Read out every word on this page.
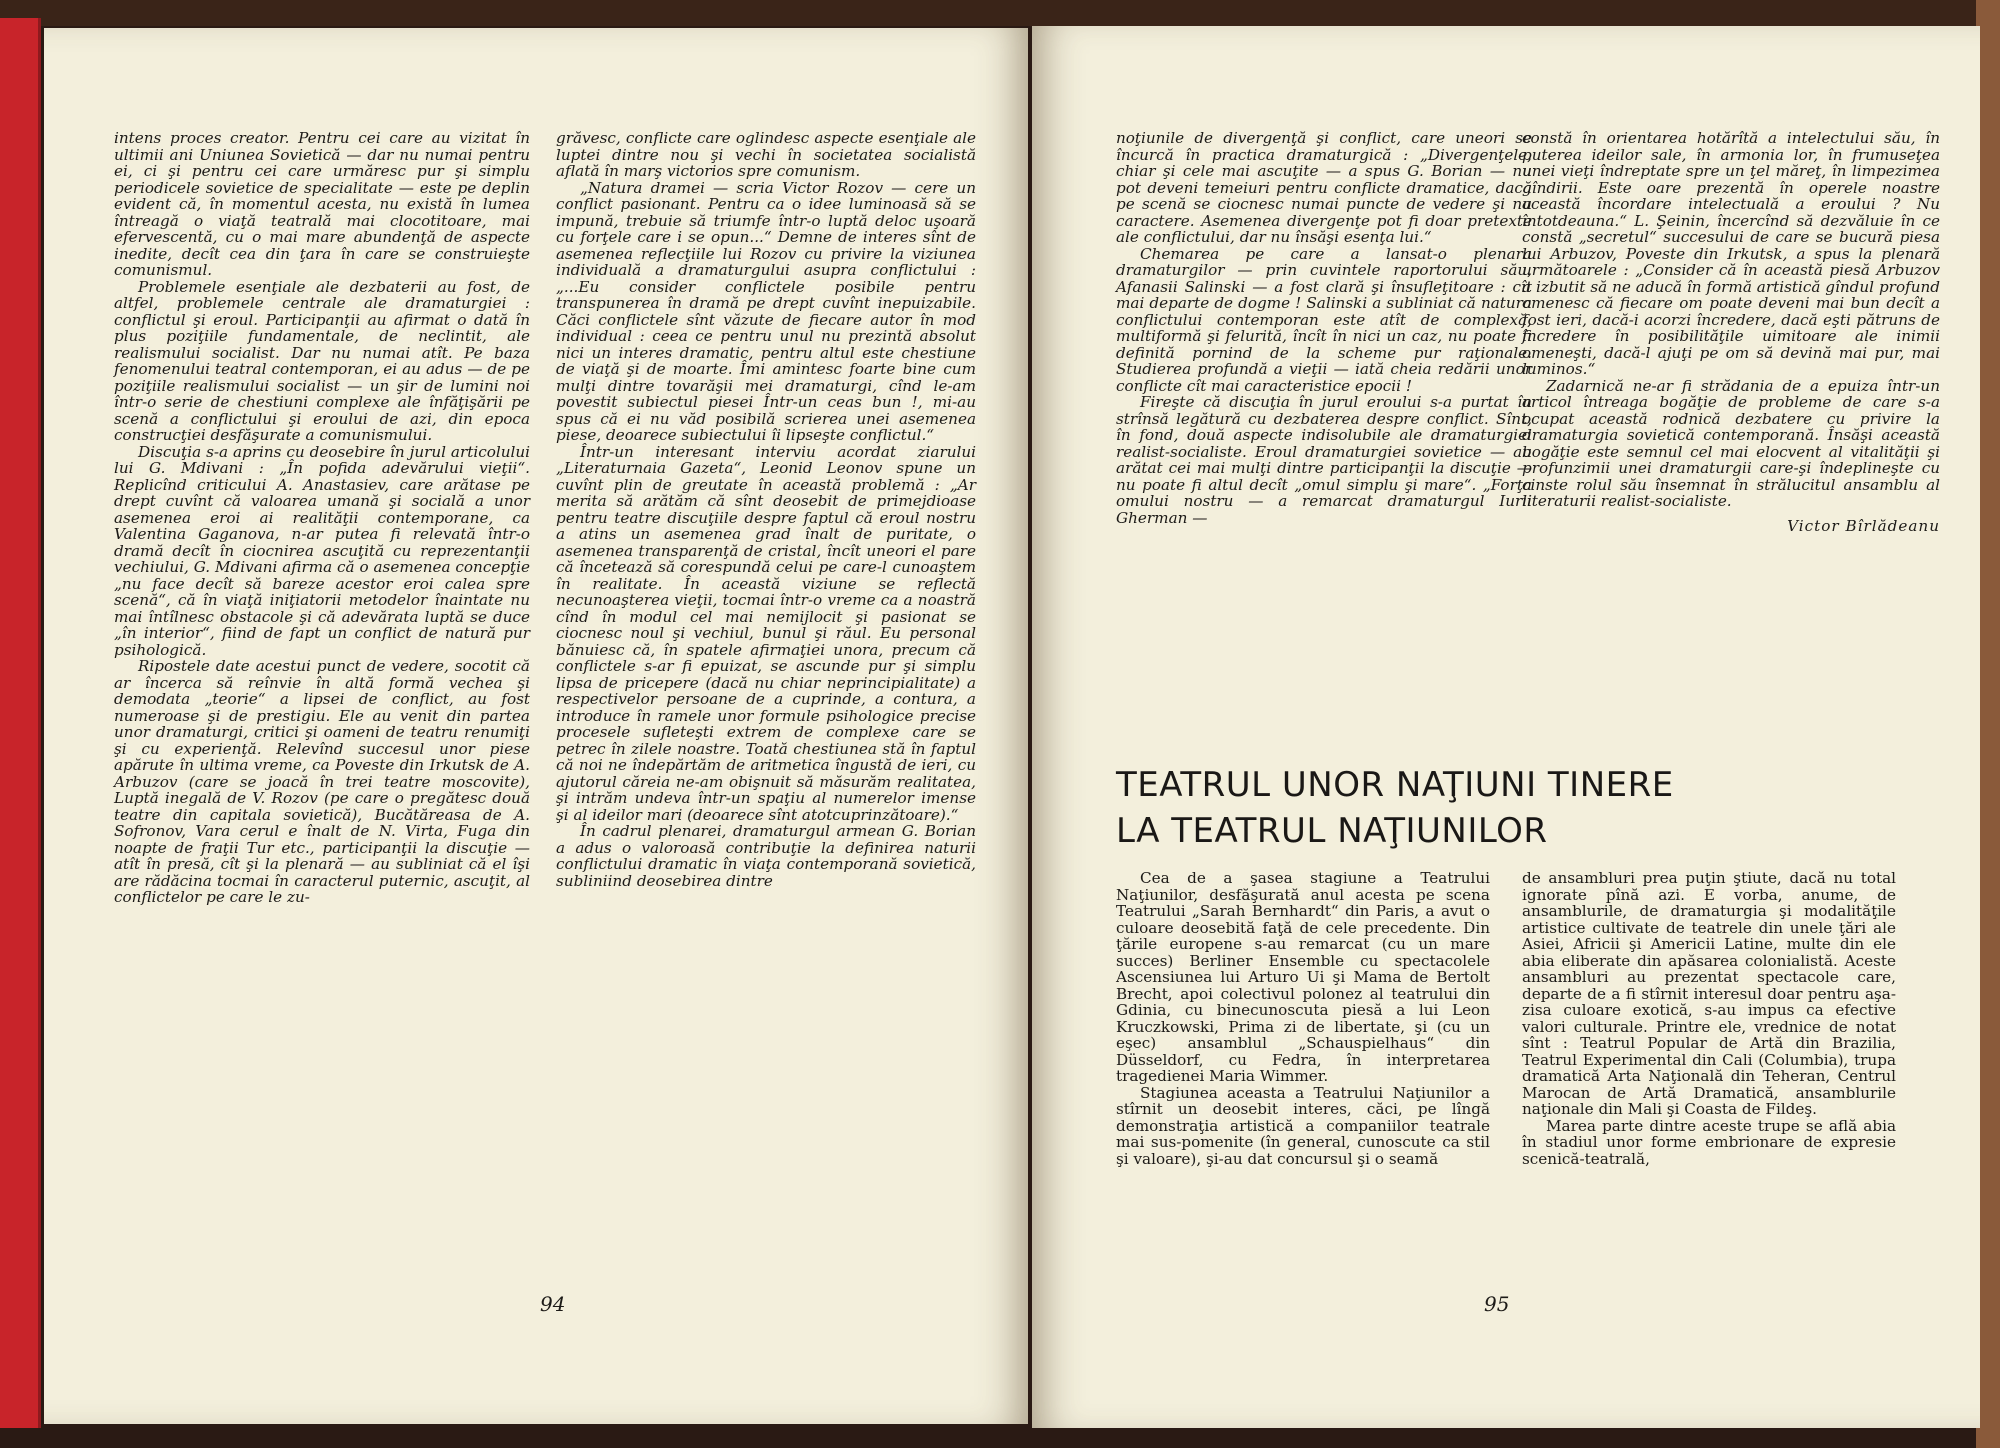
intens proces creator. Pentru cei care au vizitat în ultimii ani Uniunea Sovietică — dar nu numai pentru ei, ci şi pentru cei care urmăresc pur şi simplu periodicele sovietice de specialitate — este pe deplin evident că, în momentul acesta, nu există în lumea întreagă o viaţă teatrală mai clocotitoare, mai efervescentă, cu o mai mare abundenţă de aspecte inedite, decît cea din ţara în care se construieşte comunismul.

Problemele esenţiale ale dezbaterii au fost, de altfel, problemele centrale ale dramaturgiei : conflictul şi eroul. Participanţii au afirmat o dată în plus poziţiile fundamentale, de neclintit, ale realismului socialist. Dar nu numai atît. Pe baza fenomenului teatral contemporan, ei au adus — de pe poziţiile realismului socialist — un şir de lumini noi într-o serie de chestiuni complexe ale înfăţişării pe scenă a conflictului şi eroului de azi, din epoca construcţiei desfăşurate a comunismului.

Discuţia s-a aprins cu deosebire în jurul articolului lui G. Mdivani : „În pofida adevărului vieţii“. Replicînd criticului A. Anastasiev, care arătase pe drept cuvînt că valoarea umană şi socială a unor asemenea eroi ai realităţii contemporane, ca Valentina Gaganova, n-ar putea fi relevată într-o dramă decît în ciocnirea ascuţită cu reprezentanţii vechiului, G. Mdivani afirma că o asemenea concepţie „nu face decît să bareze acestor eroi calea spre scenă“, că în viaţă iniţiatorii metodelor înaintate nu mai întîlnesc obstacole şi că adevărata luptă se duce „în interior“, fiind de fapt un conflict de natură pur psihologică.

Ripostele date acestui punct de vedere, socotit că ar încerca să reînvie în altă formă vechea şi demodata „teorie“ a lipsei de conflict, au fost numeroase şi de prestigiu. Ele au venit din partea unor dramaturgi, critici şi oameni de teatru renumiţi şi cu experienţă. Relevînd succesul unor piese apărute în ultima vreme, ca Poveste din Irkutsk de A. Arbuzov (care se joacă în trei teatre moscovite), Luptă inegală de V. Rozov (pe care o pregătesc două teatre din capitala sovietică), Bucătăreasa de A. Sofronov, Vara cerul e înalt de N. Virta, Fuga din noapte de fraţii Tur etc., participanţii la discuţie — atît în presă, cît şi la plenară — au subliniat că el îşi are rădăcina tocmai în caracterul puternic, ascuţit, al conflictelor pe care le zu-

grăvesc, conflicte care oglindesc aspecte esenţiale ale luptei dintre nou şi vechi în societatea socialistă aflată în marş victorios spre comunism.

„Natura dramei — scria Victor Rozov — cere un conflict pasionant. Pentru ca o idee luminoasă să se impună, trebuie să triumfe într-o luptă deloc uşoară cu forţele care i se opun...“ Demne de interes sînt de asemenea reflecţiile lui Rozov cu privire la viziunea individuală a dramaturgului asupra conflictului : „...Eu consider conflictele posibile pentru transpunerea în dramă pe drept cuvînt inepuizabile. Căci conflictele sînt văzute de fiecare autor în mod individual : ceea ce pentru unul nu prezintă absolut nici un interes dramatic, pentru altul este chestiune de viaţă şi de moarte. Îmi amintesc foarte bine cum mulţi dintre tovarăşii mei dramaturgi, cînd le-am povestit subiectul piesei Într-un ceas bun !, mi-au spus că ei nu văd posibilă scrierea unei asemenea piese, deoarece subiectului îi lipseşte conflictul.“

Într-un interesant interviu acordat ziarului „Literaturnaia Gazeta“, Leonid Leonov spune un cuvînt plin de greutate în această problemă : „Ar merita să arătăm că sînt deosebit de primejdioase pentru teatre discuţiile despre faptul că eroul nostru a atins un asemenea grad înalt de puritate, o asemenea transparenţă de cristal, încît uneori el pare că încetează să corespundă celui pe care-l cunoaştem în realitate. În această viziune se reflectă necunoaşterea vieţii, tocmai într-o vreme ca a noastră cînd în modul cel mai nemijlocit şi pasionat se ciocnesc noul şi vechiul, bunul şi răul. Eu personal bănuiesc că, în spatele afirmaţiei unora, precum că conflictele s-ar fi epuizat, se ascunde pur şi simplu lipsa de pricepere (dacă nu chiar neprincipialitate) a respectivelor persoane de a cuprinde, a contura, a introduce în ramele unor formule psihologice precise procesele sufleteşti extrem de complexe care se petrec în zilele noastre. Toată chestiunea stă în faptul că noi ne îndepărtăm de aritmetica îngustă de ieri, cu ajutorul căreia ne-am obişnuit să măsurăm realitatea, şi intrăm undeva într-un spaţiu al numerelor imense şi al ideilor mari (deoarece sînt atotcuprinzătoare).“

În cadrul plenarei, dramaturgul armean G. Borian a adus o valoroasă contribuţie la definirea naturii conflictului dramatic în viaţa contemporană sovietică, subliniind deosebirea dintre

94

noţiunile de divergenţă şi conflict, care uneori se încurcă în practica dramaturgică : „Divergenţele, chiar şi cele mai ascuţite — a spus G. Borian — nu pot deveni temeiuri pentru conflicte dramatice, dacă pe scenă se ciocnesc numai puncte de vedere şi nu caractere. Asemenea divergenţe pot fi doar pretexte ale conflictului, dar nu însăşi esenţa lui.“

Chemarea pe care a lansat-o plenara dramaturgilor — prin cuvintele raportorului său, Afanasii Salinski — a fost clară şi însufleţitoare : cît mai departe de dogme ! Salinski a subliniat că natura conflictului contemporan este atît de complexă, multiformă şi felurită, încît în nici un caz, nu poate fi definită pornind de la scheme pur raţionale. Studierea profundă a vieţii — iată cheia redării unor conflicte cît mai caracteristice epocii !

Fireşte că discuţia în jurul eroului s-a purtat în strînsă legătură cu dezbaterea despre conflict. Sînt, în fond, două aspecte indisolubile ale dramaturgiei realist-socialiste. Eroul dramaturgiei sovietice — au arătat cei mai mulţi dintre participanţii la discuţie — nu poate fi altul decît „omul simplu şi mare“. „Forţa omului nostru — a remarcat dramaturgul Iurii Gherman —

constă în orientarea hotărîtă a intelectului său, în puterea ideilor sale, în armonia lor, în frumuseţea unei vieţi îndreptate spre un ţel măreţ, în limpezimea gîndirii. Este oare prezentă în operele noastre această încordare intelectuală a eroului ? Nu întotdeauna.“ L. Şeinin, încercînd să dezvăluie în ce constă „secretul“ succesului de care se bucură piesa lui Arbuzov, Poveste din Irkutsk, a spus la plenară următoarele : „Consider că în această piesă Arbuzov a izbutit să ne aducă în formă artistică gîndul profund omenesc că fiecare om poate deveni mai bun decît a fost ieri, dacă-i acorzi încredere, dacă eşti pătruns de încredere în posibilităţile uimitoare ale inimii omeneşti, dacă-l ajuţi pe om să devină mai pur, mai luminos.“

Zadarnică ne-ar fi strădania de a epuiza într-un articol întreaga bogăţie de probleme de care s-a ocupat această rodnică dezbatere cu privire la dramaturgia sovietică contemporană. Însăşi această bogăţie este semnul cel mai elocvent al vitalităţii şi profunzimii unei dramaturgii care-şi îndeplineşte cu cinste rolul său însemnat în strălucitul ansamblu al literaturii realist-socialiste.

Victor Bîrlădeanu
TEATRUL UNOR NAŢIUNI TINERE
LA TEATRUL NAŢIUNILOR

Cea de a şasea stagiune a Teatrului Naţiunilor, desfăşurată anul acesta pe scena Teatrului „Sarah Bernhardt“ din Paris, a avut o culoare deosebită faţă de cele precedente. Din ţările europene s-au remarcat (cu un mare succes) Berliner Ensemble cu spectacolele Ascensiunea lui Arturo Ui şi Mama de Bertolt Brecht, apoi colectivul polonez al teatrului din Gdinia, cu binecunoscuta piesă a lui Leon Kruczkowski, Prima zi de libertate, şi (cu un eşec) ansamblul „Schauspielhaus“ din Düsseldorf, cu Fedra, în interpretarea tragedienei Maria Wimmer.

Stagiunea aceasta a Teatrului Naţiunilor a stîrnit un deosebit interes, căci, pe lîngă demonstraţia artistică a companiilor teatrale mai sus-pomenite (în general, cunoscute ca stil şi valoare), şi-au dat concursul şi o seamă

de ansambluri prea puţin ştiute, dacă nu total ignorate pînă azi. E vorba, anume, de ansamblurile, de dramaturgia şi modalităţile artistice cultivate de teatrele din unele ţări ale Asiei, Africii şi Americii Latine, multe din ele abia eliberate din apăsarea colonialistă. Aceste ansambluri au prezentat spectacole care, departe de a fi stîrnit interesul doar pentru aşa-zisa culoare exotică, s-au impus ca efective valori culturale. Printre ele, vrednice de notat sînt : Teatrul Popular de Artă din Brazilia, Teatrul Experimental din Cali (Columbia), trupa dramatică Arta Naţională din Teheran, Centrul Marocan de Artă Dramatică, ansamblurile naţionale din Mali şi Coasta de Fildeş.

Marea parte dintre aceste trupe se află abia în stadiul unor forme embrionare de expresie scenică-teatrală,

95
